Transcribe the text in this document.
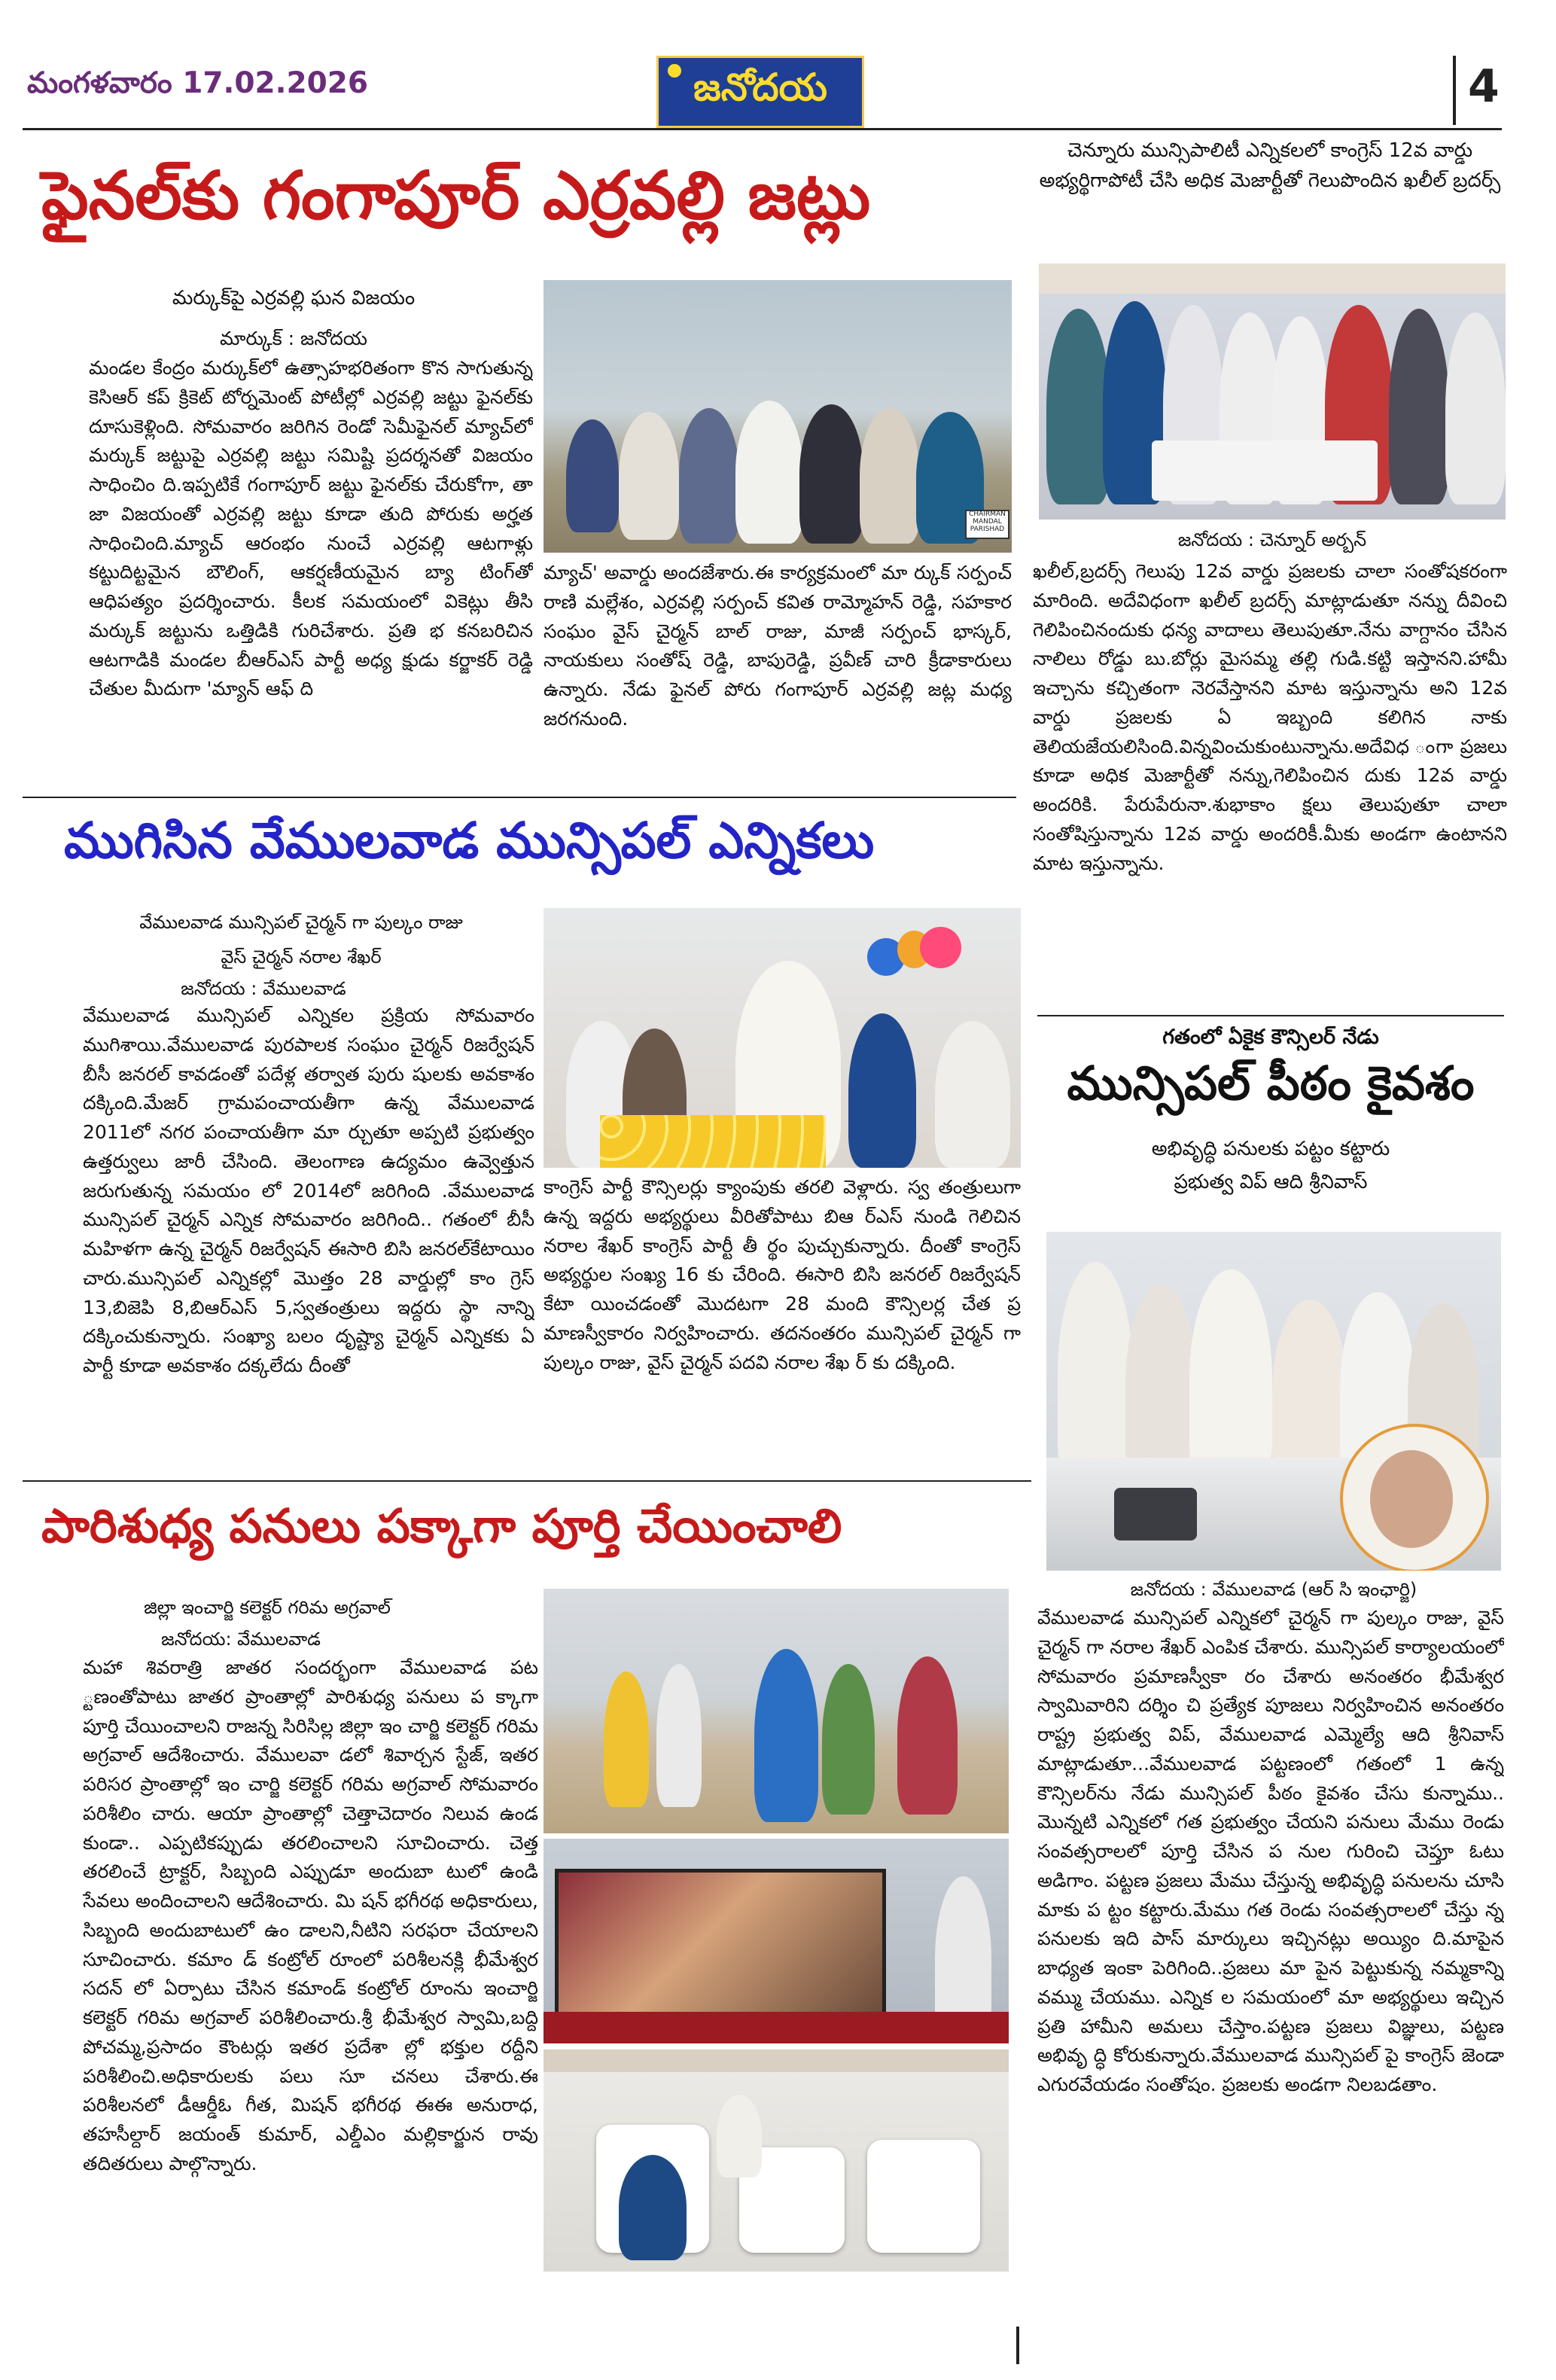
మంగళవారం 17.02.2026	జనోదయ	4
ఫైనల్‌కు గంగాపూర్ ఎర్రవల్లి జట్లు
మర్కుక్‌పై ఎర్రవల్లి ఘన విజయం
మార్కుక్ : జనోదయ
మండల కేంద్రం మర్కుక్‌లో ఉత్సాహభరితంగా కొన సాగుతున్న కెసిఆర్ కప్ క్రికెట్ టోర్నమెంట్ పోటీల్లో ఎర్రవల్లి జట్టు ఫైనల్‌కు దూసుకెళ్లింది. సోమవారం జరిగిన రెండో సెమీఫైనల్ మ్యాచ్‌లో మర్కుక్ జట్టుపై ఎర్రవల్లి జట్టు సమిష్టి ప్రదర్శనతో విజయం సాధించిం ది.ఇప్పటికే గంగాపూర్ జట్టు ఫైనల్‌కు చేరుకోగా, తా జా విజయంతో ఎర్రవల్లి జట్టు కూడా తుది పోరుకు అర్హత సాధించింది.మ్యాచ్ ఆరంభం నుంచే ఎర్రవల్లి ఆటగాళ్లు కట్టుదిట్టమైన బౌలింగ్, ఆకర్షణీయమైన బ్యా టింగ్‌తో ఆధిపత్యం ప్రదర్శించారు. కీలక సమయంలో వికెట్లు తీసి మర్కుక్ జట్టును ఒత్తిడికి గురిచేశారు. ప్రతి భ కనబరిచిన ఆటగాడికి మండల బీఆర్ఎస్ పార్టీ అధ్య క్షుడు కర్జాకర్ రెడ్డి చేతుల మీదుగా 'మ్యాన్ ఆఫ్ ది
CHAIRMAN MANDAL PARISHAD
మ్యాచ్' అవార్డు అందజేశారు.ఈ కార్యక్రమంలో మా ర్కుక్ సర్పంచ్ రాణి మల్లేశం, ఎర్రవల్లి సర్పంచ్ కవిత రామ్మోహన్ రెడ్డి, సహకార సంఘం వైస్ చైర్మన్ బాల్ రాజు, మాజీ సర్పంచ్ భాస్కర్, నాయకులు సంతోష్ రెడ్డి, బాపురెడ్డి, ప్రవీణ్ చారి క్రీడాకారులు ఉన్నారు. నేడు ఫైనల్ పోరు గంగాపూర్ ఎర్రవల్లి జట్ల మధ్య జరగనుంది.
చెన్నూరు మున్సిపాలిటీ ఎన్నికలలో కాంగ్రెస్ 12వ వార్డు అభ్యర్థిగాపోటీ చేసి అధిక మెజార్టీతో గెలుపొందిన ఖలీల్ బ్రదర్స్
జనోదయ : చెన్నూర్ అర్బన్
ఖలీల్,బ్రదర్స్ గెలుపు 12వ వార్డు ప్రజలకు చాలా సంతోషకరంగా మారింది. అదేవిధంగా ఖలీల్ బ్రదర్స్ మాట్లాడుతూ నన్ను దీవించి గెలిపించినందుకు ధన్య వాదాలు తెలుపుతూ.నేను వాగ్దానం చేసిన నాలిలు రోడ్డు బు.బోర్లు మైసమ్మ తల్లి గుడి.కట్టి ఇస్తానని.హామీ ఇచ్చాను కచ్చితంగా నెరవేస్తానని మాట ఇస్తున్నాను అని 12వ వార్డు ప్రజలకు ఏ ఇబ్బంది కలిగిన నాకు తెలియజేయలిసింది.విన్నవించుకుంటున్నాను.అదేవిధ ంగా ప్రజలు కూడా అధిక మెజార్టీతో నన్ను,గెలిపించిన దుకు 12వ వార్డు అందరికి. పేరుపేరునా.శుభాకాం క్షలు తెలుపుతూ చాలా సంతోషిస్తున్నాను 12వ వార్డు అందరికీ.మీకు అండగా ఉంటానని మాట ఇస్తున్నాను.
ముగిసిన వేములవాడ మున్సిపల్ ఎన్నికలు
వేములవాడ మున్సిపల్ చైర్మన్ గా పుల్కం రాజు
వైస్ చైర్మన్ నరాల శేఖర్
జనోదయ : వేములవాడ
వేములవాడ మున్సిపల్ ఎన్నికల ప్రక్రియ సోమవారం ముగిశాయి.వేములవాడ పురపాలక సంఘం చైర్మన్ రిజర్వేషన్ బీసీ జనరల్ కావడంతో పదేళ్ల తర్వాత పురు షులకు అవకాశం దక్కింది.మేజర్ గ్రామపంచాయతీగా ఉన్న వేములవాడ 2011లో నగర పంచాయతీగా మా ర్చుతూ అప్పటి ప్రభుత్వం ఉత్తర్వులు జారీ చేసింది. తెలంగాణ ఉద్యమం ఉవ్వెత్తున జరుగుతున్న సమయం లో 2014లో జరిగింది .వేములవాడ మున్సిపల్ చైర్మన్ ఎన్నిక సోమవారం జరిగింది.. గతంలో బీసీ మహిళగా ఉన్న చైర్మన్ రిజర్వేషన్ ఈసారి బిసి జనరల్‌కేటాయిం చారు.మున్సిపల్ ఎన్నికల్లో మొత్తం 28 వార్డుల్లో కాం గ్రెస్ 13,బిజెపి 8,బిఆర్ఎస్ 5,స్వతంత్రులు ఇద్దరు స్థా నాన్ని దక్కించుకున్నారు. సంఖ్యా బలం దృష్ట్యా చైర్మన్ ఎన్నికకు ఏ పార్టీ కూడా అవకాశం దక్కలేదు దీంతో
కాంగ్రెస్ పార్టీ కౌన్సిలర్లు క్యాంపుకు తరలి వెళ్లారు. స్వ తంత్రులుగా ఉన్న ఇద్దరు అభ్యర్థులు వీరితోపాటు బిఆ ర్ఎస్ నుండి గెలిచిన నరాల శేఖర్ కాంగ్రెస్ పార్టీ తీ ర్థం పుచ్చుకున్నారు. దీంతో కాంగ్రెస్ అభ్యర్థుల సంఖ్య 16 కు చేరింది. ఈసారి బిసి జనరల్ రిజర్వేషన్ కేటా యించడంతో మొదటగా 28 మంది కౌన్సిలర్ల చేత ప్ర మాణస్వీకారం నిర్వహించారు. తదనంతరం మున్సిపల్ చైర్మన్ గా పుల్కం రాజు, వైస్ చైర్మన్ పదవి నరాల శేఖ ర్ కు దక్కింది.
గతంలో ఏకైక కౌన్సిలర్ నేడు
మున్సిపల్ పీఠం కైవశం
అభివృద్ధి పనులకు పట్టం కట్టారు
ప్రభుత్వ విప్ ఆది శ్రీనివాస్
జనోదయ : వేములవాడ (ఆర్ సి ఇంఛార్జి)
వేములవాడ మున్సిపల్ ఎన్నికలో చైర్మన్ గా పుల్కం రాజు, వైస్ చైర్మన్ గా నరాల శేఖర్ ఎంపిక చేశారు. మున్సిపల్ కార్యాలయంలో సోమవారం ప్రమాణస్వీకా రం చేశారు అనంతరం భీమేశ్వర స్వామివారిని దర్శిం చి ప్రత్యేక పూజలు నిర్వహించిన అనంతరం రాష్ట్ర ప్రభుత్వ విప్, వేములవాడ ఎమ్మెల్యే ఆది శ్రీనివాస్ మాట్లాడుతూ...వేములవాడ పట్టణంలో గతంలో 1 ఉన్న కౌన్సిలర్‌ను నేడు మున్సిపల్ పీఠం కైవశం చేసు కున్నాము.. మొన్నటి ఎన్నికలో గత ప్రభుత్వం చేయని పనులు మేము రెండు సంవత్సరాలలో పూర్తి చేసిన ప నుల గురించి చెప్తూ ఓటు అడిగాం. పట్టణ ప్రజలు మేము చేస్తున్న అభివృద్ధి పనులను చూసి మాకు ప ట్టం కట్టారు.మేము గత రెండు సంవత్సరాలలో చేస్తు న్న పనులకు ఇది పాస్ మార్కులు ఇచ్చినట్లు అయ్యిం ది.మాపైన బాధ్యత ఇంకా పెరిగింది..ప్రజలు మా పైన పెట్టుకున్న నమ్మకాన్ని వమ్ము చేయము. ఎన్నిక ల సమయంలో మా అభ్యర్థులు ఇచ్చిన ప్రతి హామీని అమలు చేస్తాం.పట్టణ ప్రజలు విజ్ఞులు, పట్టణ అభివృ ద్ధి కోరుకున్నారు.వేములవాడ మున్సిపల్ పై కాంగ్రెస్ జెండా ఎగురవేయడం సంతోషం. ప్రజలకు అండగా నిలబడతాం.
పారిశుధ్య పనులు పక్కాగా పూర్తి చేయించాలి
జిల్లా ఇంచార్జి కలెక్టర్ గరిమ అగ్రవాల్
జనోదయ: వేములవాడ
మహా శివరాత్రి జాతర సందర్భంగా వేములవాడ పట ్టణంతోపాటు జాతర ప్రాంతాల్లో పారిశుధ్య పనులు ప క్కాగా పూర్తి చేయించాలని రాజన్న సిరిసిల్ల జిల్లా ఇం చార్జి కలెక్టర్ గరిమ అగ్రవాల్ ఆదేశించారు. వేములవా డలో శివార్చన స్టేజ్, ఇతర పరిసర ప్రాంతాల్లో ఇం చార్జి కలెక్టర్ గరిమ అగ్రవాల్ సోమవారం పరిశీలిం చారు. ఆయా ప్రాంతాల్లో చెత్తాచెదారం నిలువ ఉండ కుండా.. ఎప్పటికప్పుడు తరలించాలని సూచించారు. చెత్త తరలించే ట్రాక్టర్, సిబ్బంది ఎప్పుడూ అందుబా టులో ఉండి సేవలు అందించాలని ఆదేశించారు. మి షన్ భగీరథ అధికారులు, సిబ్బంది అందుబాటులో ఉం డాలని,నీటిని సరఫరా చేయాలని సూచించారు. కమాం డ్ కంట్రోల్ రూంలో పరిశీలనక్లి భీమేశ్వర సదన్ లో ఏర్పాటు చేసిన కమాండ్ కంట్రోల్ రూంను ఇంచార్జి కలెక్టర్ గరిమ అగ్రవాల్ పరిశీలించారు.శ్రీ భీమేశ్వర స్వామి,బద్ది పోచమ్మ,ప్రసాదం కౌంటర్లు ఇతర ప్రదేశా ల్లో భక్తుల రద్దీని పరిశీలించి.అధికారులకు పలు సూ చనలు చేశారు.ఈ పరిశీలనలో డీఆర్డీఓ గీత, మిషన్ భగీరథ ఈఈ అనురాధ, తహసీల్దార్ జయంత్ కుమార్, ఎల్డీఎం మల్లికార్జున రావు తదితరులు పాల్గొన్నారు.
